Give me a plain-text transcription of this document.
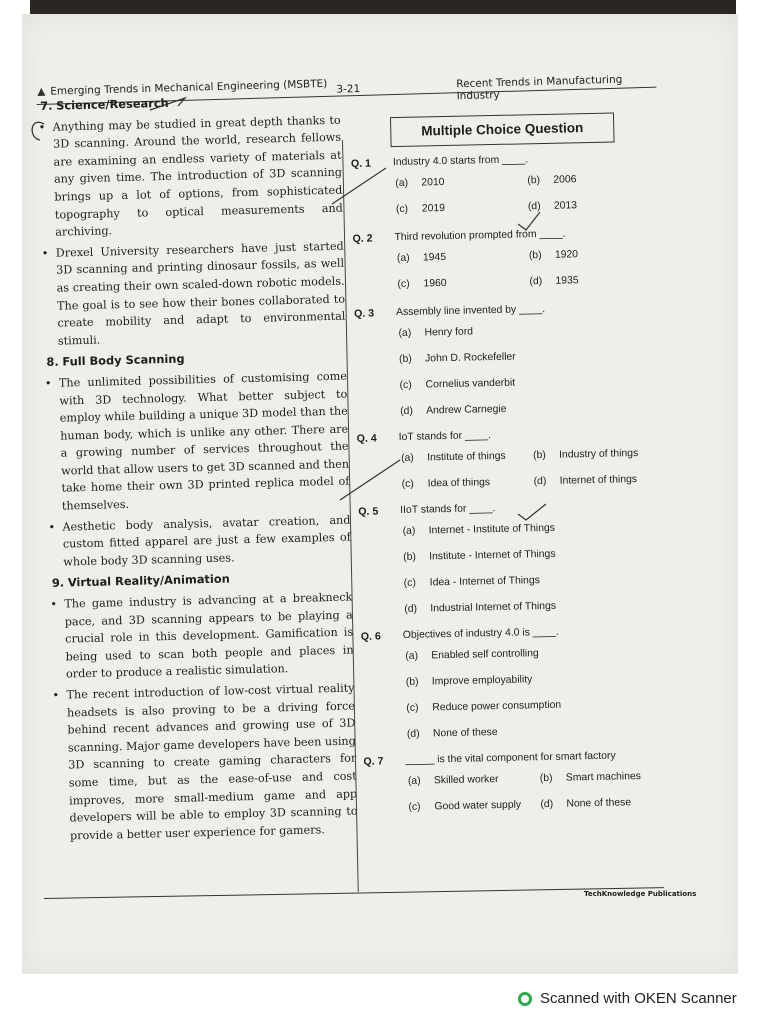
Emerging Trends in Mechanical Engineering (MSBTE) 3-21	Recent Trends in Manufacturing Industry
7. Science/Research

• Anything may be studied in great depth thanks to 3D scanning. Around the world, research fellows are examining an endless variety of materials at any given time. The introduction of 3D scanning brings up a lot of options, from sophisticated topography to optical measurements and archiving.

• Drexel University researchers have just started 3D scanning and printing dinosaur fossils, as well as creating their own scaled-down robotic models. The goal is to see how their bones collaborated to create mobility and adapt to environmental stimuli.

8. Full Body Scanning

• The unlimited possibilities of customising come with 3D technology. What better subject to employ while building a unique 3D model than the human body, which is unlike any other. There are a growing number of services throughout the world that allow users to get 3D scanned and then take home their own 3D printed replica model of themselves.

• Aesthetic body analysis, avatar creation, and custom fitted apparel are just a few examples of whole body 3D scanning uses.

9. Virtual Reality/Animation

• The game industry is advancing at a breakneck pace, and 3D scanning appears to be playing a crucial role in this development. Gamification is being used to scan both people and places in order to produce a realistic simulation.

• The recent introduction of low-cost virtual reality headsets is also proving to be a driving force behind recent advances and growing use of 3D scanning. Major game developers have been using 3D scanning to create gaming characters for some time, but as the ease-of-use and cost improves, more small-medium game and app developers will be able to employ 3D scanning to provide a better user experience for gamers.

Multiple Choice Question
Q. 1	Industry 4.0 starts from ____.
(a) 2010	(b) 2006
(c) 2019	(d) 2013
Q. 2	Third revolution prompted from ____.
(a) 1945	(b) 1920
(c) 1960	(d) 1935
Q. 3	Assembly line invented by ____.
(a) Henry ford
(b) John D. Rockefeller
(c) Cornelius vanderbit
(d) Andrew Carnegie
Q. 4	IoT stands for ____.
(a) Institute of things	(b) Industry of things
(c) Idea of things	(d) Internet of things
Q. 5	IIoT stands for ____.
(a) Internet - Institute of Things
(b) Institute - Internet of Things
(c) Idea - Internet of Things
(d) Industrial Internet of Things
Q. 6	Objectives of industry 4.0 is ____.
(a) Enabled self controlling
(b) Improve employability
(c) Reduce power consumption
(d) None of these
Q. 7	_____ is the vital component for smart factory
(a) Skilled worker	(b) Smart machines
(c) Good water supply (d) None of these
TechKnowledge Publications
Scanned with OKEN Scanner
